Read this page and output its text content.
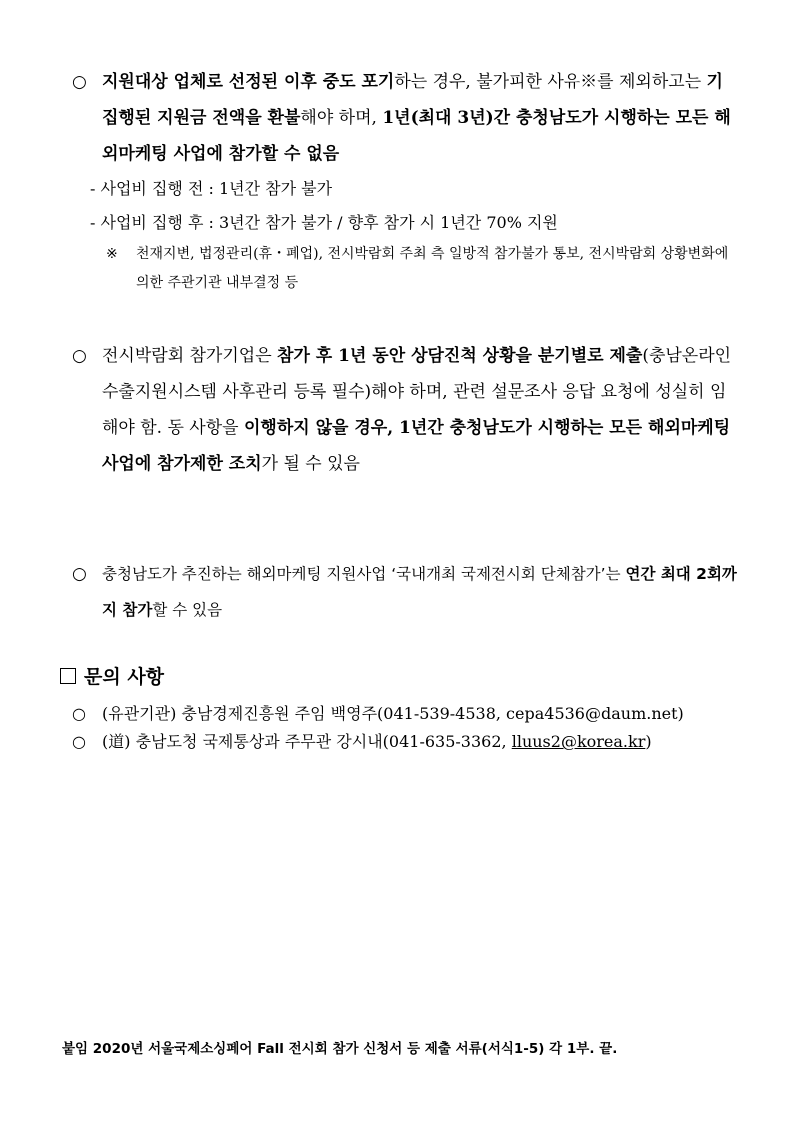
○ 지원대상 업체로 선정된 이후 중도 포기하는 경우, 불가피한 사유※를 제외하고는 기 집행된 지원금 전액을 환불해야 하며, 1년(최대 3년)간 충청남도가 시행하는 모든 해외마케팅 사업에 참가할 수 없음
- 사업비 집행 전 : 1년간 참가 불가
- 사업비 집행 후 : 3년간 참가 불가 / 향후 참가 시 1년간 70% 지원
※ 천재지변, 법정관리(휴・폐업), 전시박람회 주최 측 일방적 참가불가 통보, 전시박람회 상황변화에 의한 주관기관 내부결정 등
○ 전시박람회 참가기업은 참가 후 1년 동안 상담진척 상황을 분기별로 제출(충남온라인수출지원시스템 사후관리 등록 필수)해야 하며, 관련 설문조사 응답 요청에 성실히 임해야 함. 동 사항을 이행하지 않을 경우, 1년간 충청남도가 시행하는 모든 해외마케팅 사업에 참가제한 조치가 될 수 있음
○ 충청남도가 추진하는 해외마케팅 지원사업 ‘국내개최 국제전시회 단체참가’는 연간 최대 2회까지 참가할 수 있음
문의 사항
○	(유관기관) 충남경제진흥원 주임 백영주(041-539-4538, cepa4536@daum.net)
○	(道) 충남도청 국제통상과 주무관 강시내(041-635-3362, lluus2@korea.kr)
붙임 2020년 서울국제소싱페어 Fall 전시회 참가 신청서 등 제출 서류(서식1-5) 각 1부. 끝.
